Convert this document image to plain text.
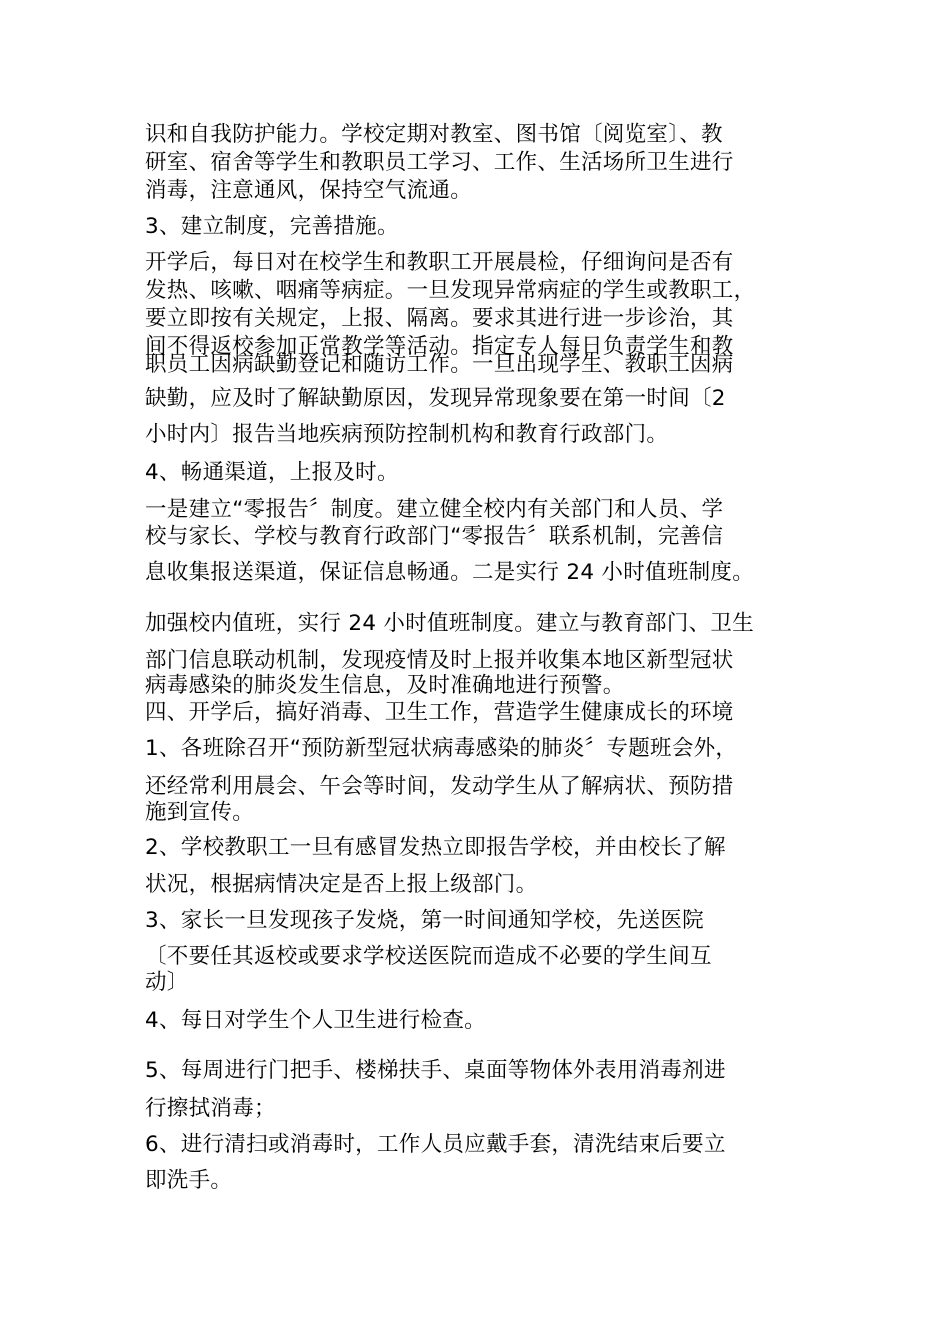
识和自我防护能力。学校定期对教室、图书馆〔阅览室〕、教
研室、宿舍等学生和教职员工学习、工作、生活场所卫生进行
消毒，注意通风，保持空气流通。
3、建立制度，完善措施。
开学后，每日对在校学生和教职工开展晨检，仔细询问是否有
发热、咳嗽、咽痛等病症。一旦发现异常病症的学生或教职工，
要立即按有关规定，上报、隔离。要求其进行进一步诊治，其
间不得返校参加正常教学等活动。指定专人每日负责学生和教
职员工因病缺勤登记和随访工作。一旦出现学生、教职工因病
缺勤，应及时了解缺勤原因，发现异常现象要在第一时间〔2
小时内〕报告当地疾病预防控制机构和教育行政部门。
4、畅通渠道，上报及时。
一是建立“零报告〞制度。建立健全校内有关部门和人员、学
校与家长、学校与教育行政部门“零报告〞联系机制，完善信
息收集报送渠道，保证信息畅通。二是实行 24 小时值班制度。
加强校内值班，实行 24 小时值班制度。建立与教育部门、卫生
部门信息联动机制，发现疫情及时上报并收集本地区新型冠状
病毒感染的肺炎发生信息，及时准确地进行预警。
四、开学后，搞好消毒、卫生工作，营造学生健康成长的环境
1、各班除召开“预防新型冠状病毒感染的肺炎〞专题班会外，
还经常利用晨会、午会等时间，发动学生从了解病状、预防措
施到宣传。
2、学校教职工一旦有感冒发热立即报告学校，并由校长了解
状况，根据病情决定是否上报上级部门。
3、家长一旦发现孩子发烧，第一时间通知学校，先送医院
〔不要任其返校或要求学校送医院而造成不必要的学生间互
动〕
4、每日对学生个人卫生进行检查。
5、每周进行门把手、楼梯扶手、桌面等物体外表用消毒剂进
行擦拭消毒；
6、进行清扫或消毒时，工作人员应戴手套，清洗结束后要立
即洗手。
